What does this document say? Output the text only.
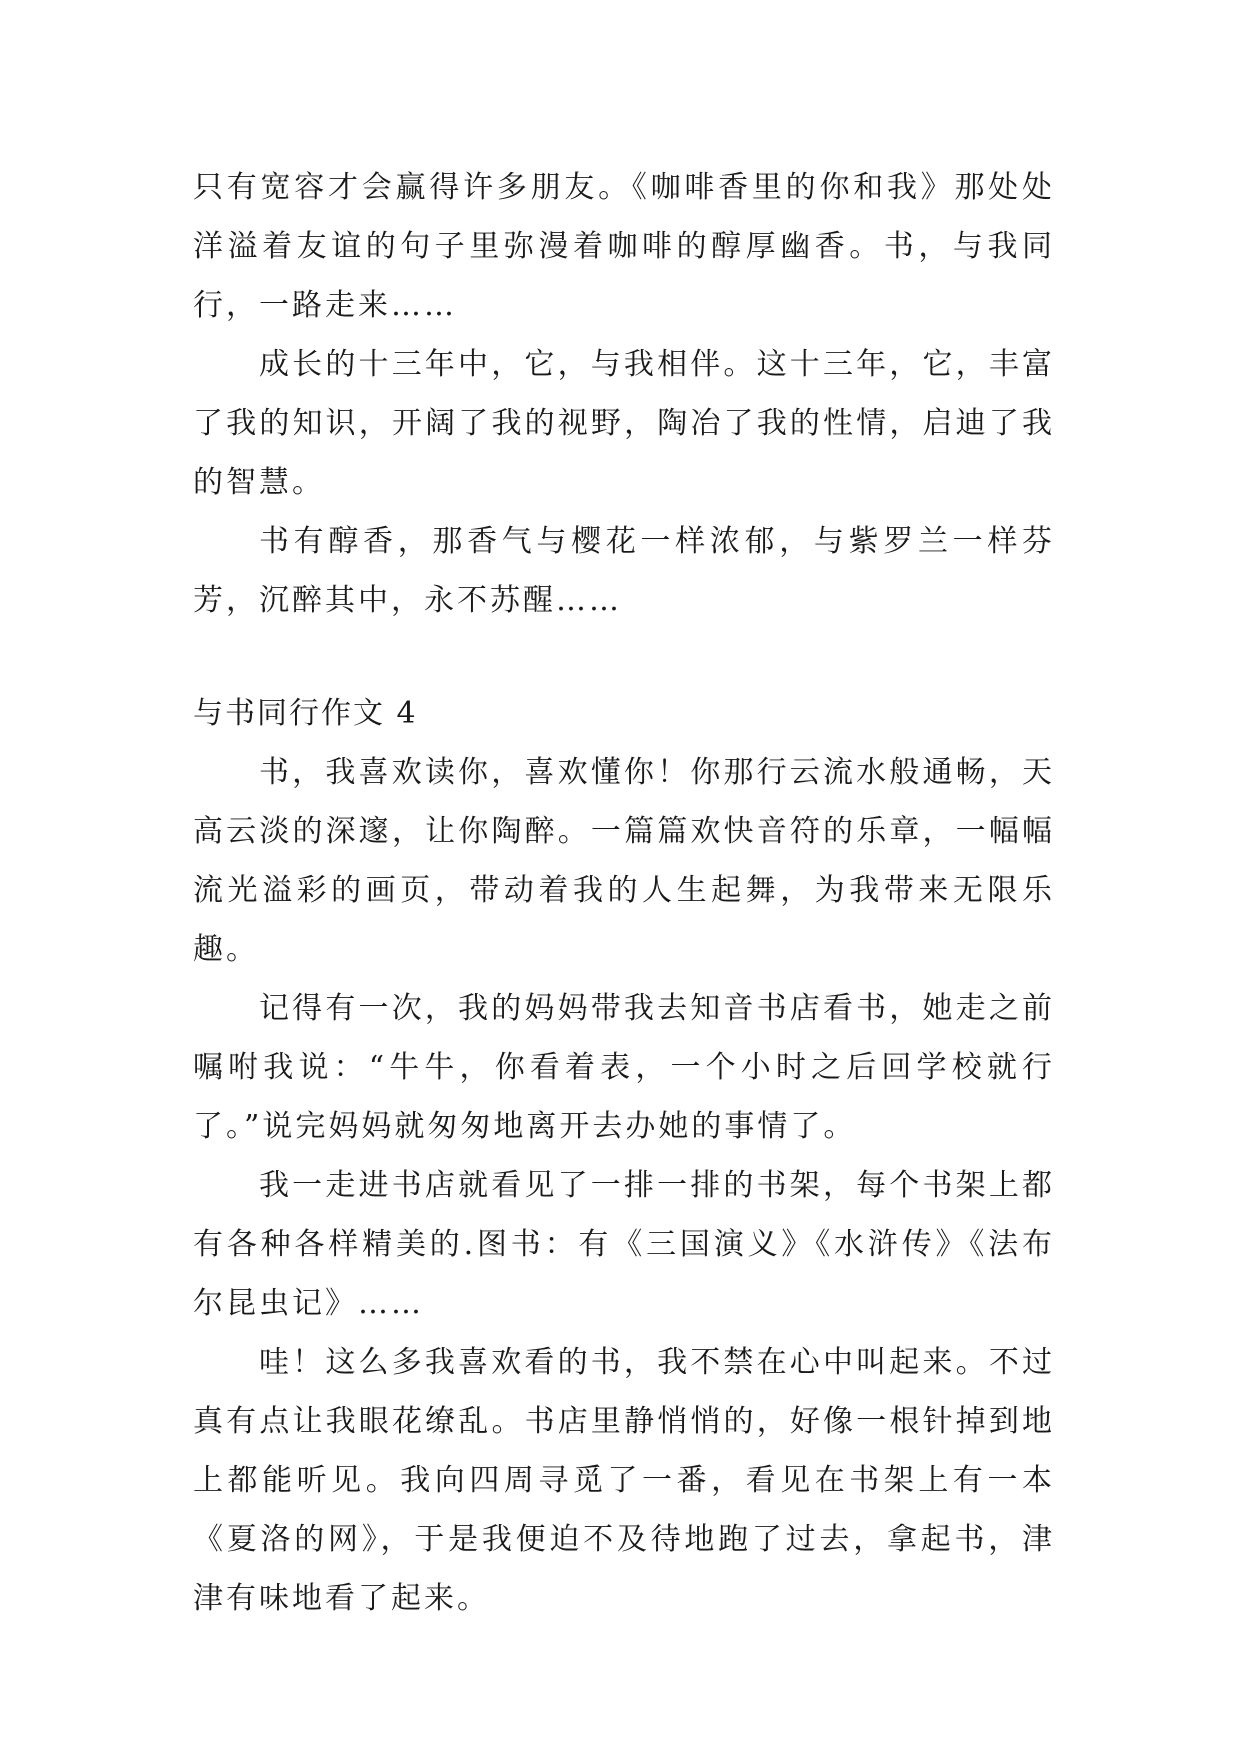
只有宽容才会赢得许多朋友。《咖啡香里的你和我》那处处洋溢着友谊的句子里弥漫着咖啡的醇厚幽香。书，与我同行，一路走来……

成长的十三年中，它，与我相伴。这十三年，它，丰富了我的知识，开阔了我的视野，陶冶了我的性情，启迪了我的智慧。

书有醇香，那香气与樱花一样浓郁，与紫罗兰一样芬芳，沉醉其中，永不苏醒……

与书同行作文 4

书，我喜欢读你，喜欢懂你！你那行云流水般通畅，天高云淡的深邃，让你陶醉。一篇篇欢快音符的乐章，一幅幅流光溢彩的画页，带动着我的人生起舞，为我带来无限乐趣。

记得有一次，我的妈妈带我去知音书店看书，她走之前嘱咐我说：“牛牛，你看着表，一个小时之后回学校就行了。”说完妈妈就匆匆地离开去办她的事情了。

我一走进书店就看见了一排一排的书架，每个书架上都有各种各样精美的.图书：有《三国演义》《水浒传》《法布尔昆虫记》……

哇！这么多我喜欢看的书，我不禁在心中叫起来。不过真有点让我眼花缭乱。书店里静悄悄的，好像一根针掉到地上都能听见。我向四周寻觅了一番，看见在书架上有一本《夏洛的网》，于是我便迫不及待地跑了过去，拿起书，津津有味地看了起来。
